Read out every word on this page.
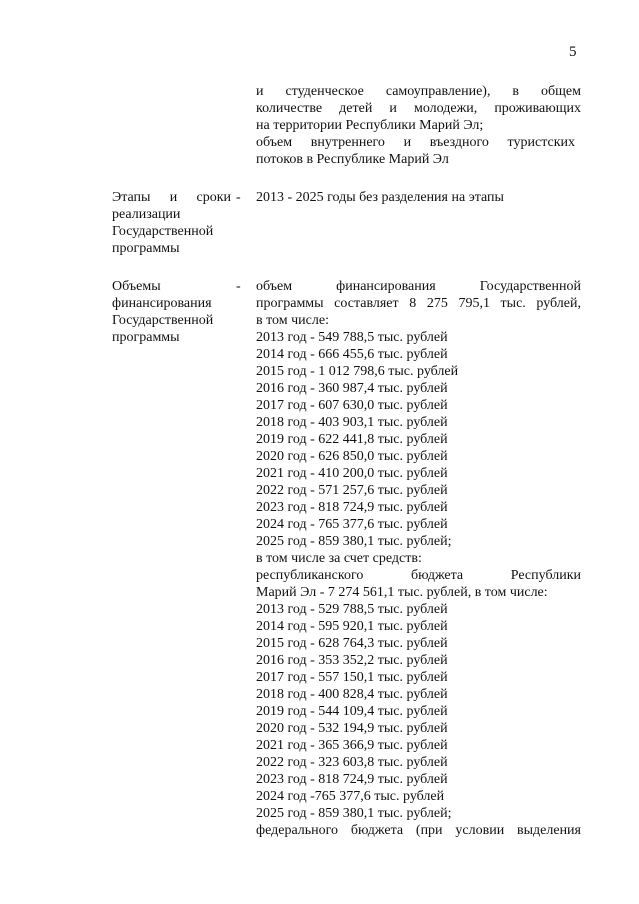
5
и студенческое самоуправление), в общем
количестве детей и молодежи, проживающих
на территории Республики Марий Эл;
объем внутреннего и въездного туристских
потоков в Республике Марий Эл
Этапы и сроки -
реализации
Государственной
программы
2013 - 2025 годы без разделения на этапы
Объемы	-
финансирования
Государственной
программы
объем финансирования Государственной
программы составляет 8 275 795,1 тыс. рублей,
в том числе:
2013 год - 549 788,5 тыс. рублей
2014 год - 666 455,6 тыс. рублей
2015 год - 1 012 798,6 тыс. рублей
2016 год - 360 987,4 тыс. рублей
2017 год - 607 630,0 тыс. рублей
2018 год - 403 903,1 тыс. рублей
2019 год - 622 441,8 тыс. рублей
2020 год - 626 850,0 тыс. рублей
2021 год - 410 200,0 тыс. рублей
2022 год - 571 257,6 тыс. рублей
2023 год - 818 724,9 тыс. рублей
2024 год - 765 377,6 тыс. рублей
2025 год - 859 380,1 тыс. рублей;
в том числе за счет средств:
республиканского бюджета Республики
Марий Эл - 7 274 561,1 тыс. рублей, в том числе:
2013 год - 529 788,5 тыс. рублей
2014 год - 595 920,1 тыс. рублей
2015 год - 628 764,3 тыс. рублей
2016 год - 353 352,2 тыс. рублей
2017 год - 557 150,1 тыс. рублей
2018 год - 400 828,4 тыс. рублей
2019 год - 544 109,4 тыс. рублей
2020 год - 532 194,9 тыс. рублей
2021 год - 365 366,9 тыс. рублей
2022 год - 323 603,8 тыс. рублей
2023 год - 818 724,9 тыс. рублей
2024 год -765 377,6 тыс. рублей
2025 год - 859 380,1 тыс. рублей;
федерального бюджета (при условии выделения
